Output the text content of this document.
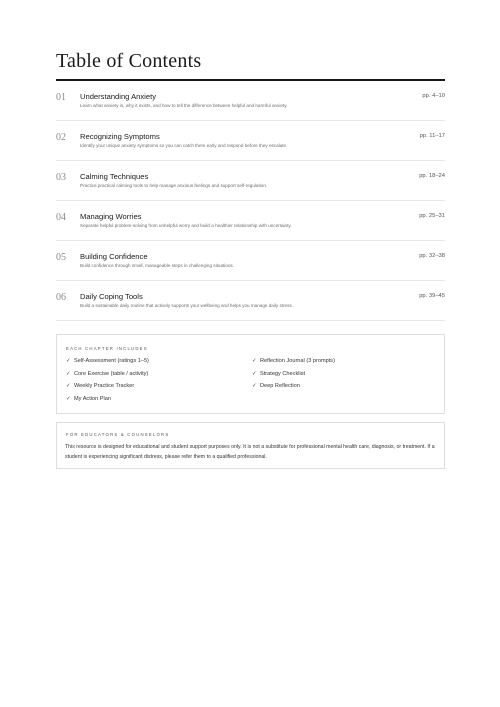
Table of Contents
01 Understanding Anxiety
Learn what anxiety is, why it exists, and how to tell the difference between helpful and harmful anxiety.
pp. 4–10
02 Recognizing Symptoms
Identify your unique anxiety symptoms so you can catch them early and respond before they escalate.
pp. 11–17
03 Calming Techniques
Practice practical calming tools to help manage anxious feelings and support self-regulation.
pp. 18–24
04 Managing Worries
Separate helpful problem-solving from unhelpful worry and build a healthier relationship with uncertainty.
pp. 25–31
05 Building Confidence
Build confidence through small, manageable steps in challenging situations.
pp. 32–38
06 Daily Coping Tools
Build a sustainable daily routine that actively supports your wellbeing and helps you manage daily stress.
pp. 39–45
EACH CHAPTER INCLUDES
✓ Self-Assessment (ratings 1–5)
✓ Core Exercise (table / activity)
✓ Weekly Practice Tracker
✓ My Action Plan
✓ Reflection Journal (3 prompts)
✓ Strategy Checklist
✓ Deep Reflection
FOR EDUCATORS & COUNSELORS
This resource is designed for educational and student support purposes only. It is not a substitute for professional mental health care, diagnosis, or treatment. If a student is experiencing significant distress, please refer them to a qualified professional.
